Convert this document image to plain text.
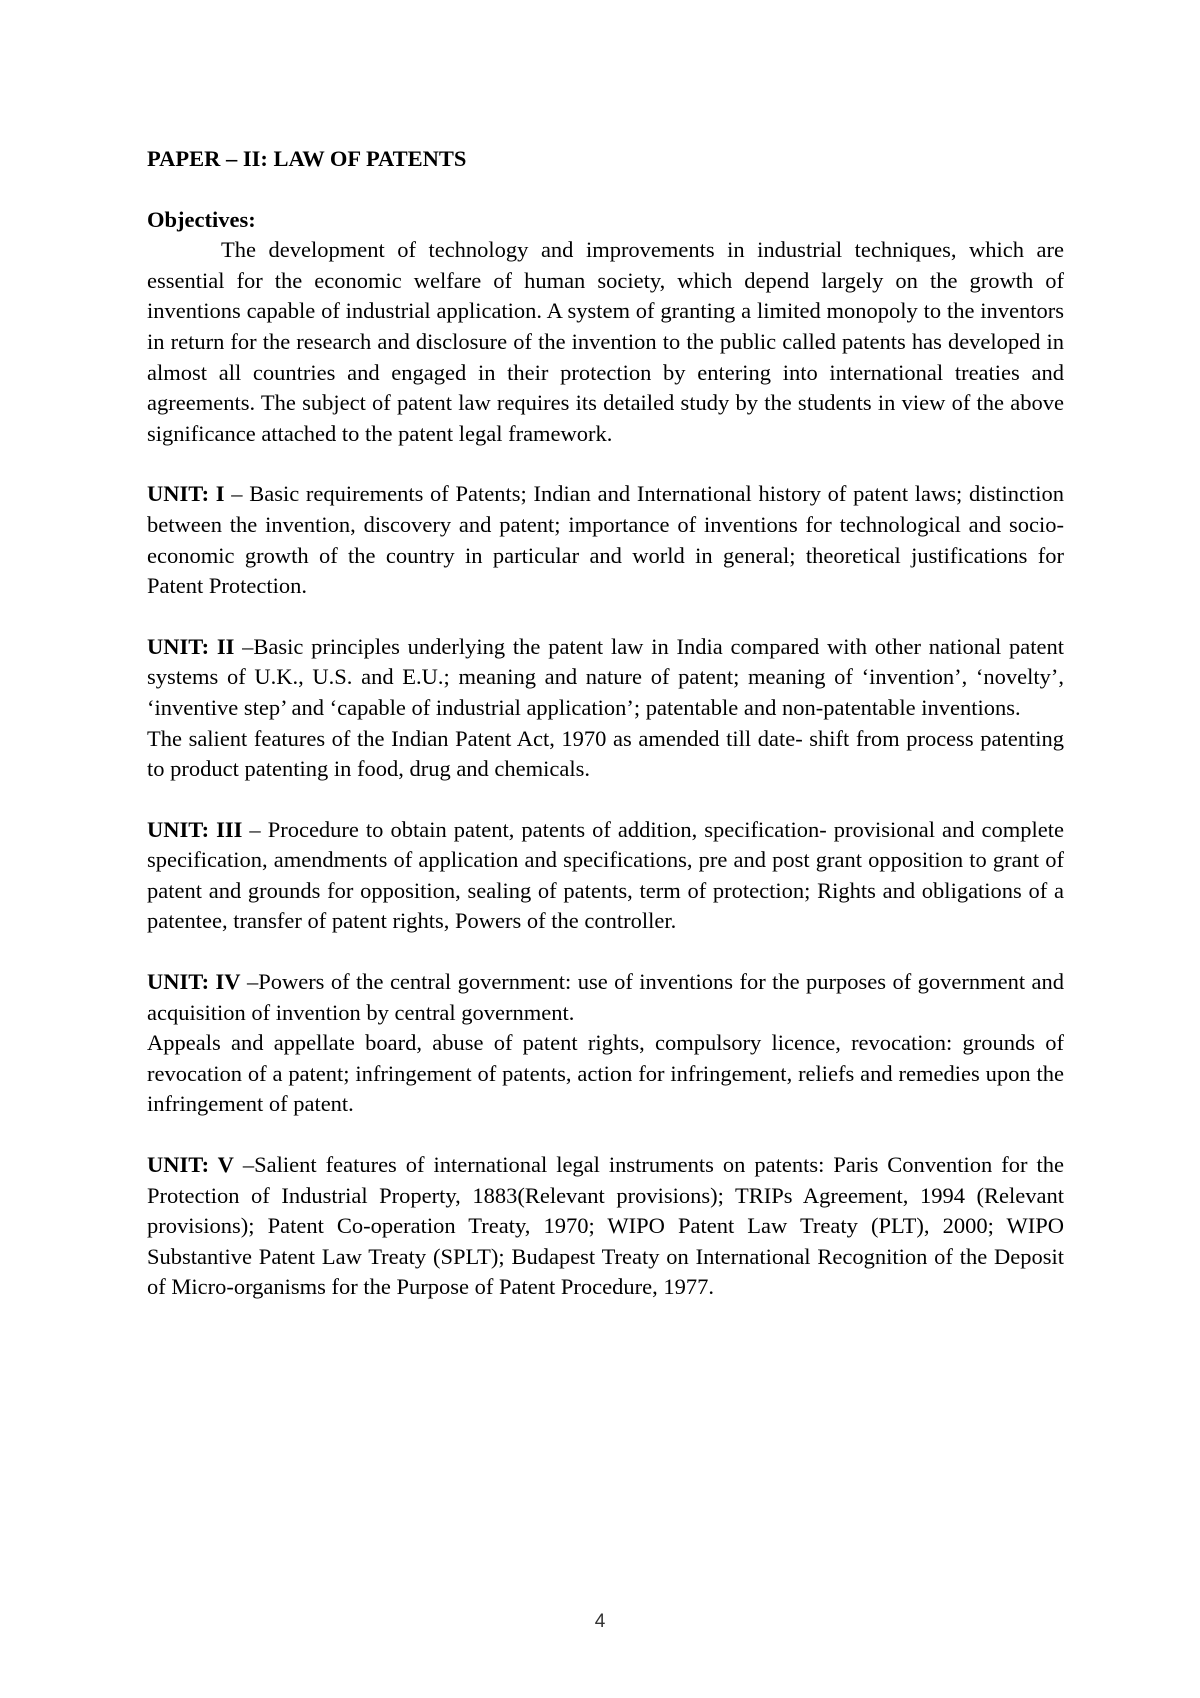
PAPER – II: LAW OF PATENTS

Objectives:

The development of technology and improvements in industrial techniques, which are essential for the economic welfare of human society, which depend largely on the growth of inventions capable of industrial application. A system of granting a limited monopoly to the inventors in return for the research and disclosure of the invention to the public called patents has developed in almost all countries and engaged in their protection by entering into international treaties and agreements. The subject of patent law requires its detailed study by the students in view of the above significance attached to the patent legal framework.

UNIT: I – Basic requirements of Patents; Indian and International history of patent laws; distinction between the invention, discovery and patent; importance of inventions for technological and socio-economic growth of the country in particular and world in general; theoretical justifications for Patent Protection.

UNIT: II –Basic principles underlying the patent law in India compared with other national patent systems of U.K., U.S. and E.U.; meaning and nature of patent; meaning of ‘invention’, ‘novelty’, ‘inventive step’ and ‘capable of industrial application’; patentable and non-patentable inventions.

The salient features of the Indian Patent Act, 1970 as amended till date- shift from process patenting to product patenting in food, drug and chemicals.

UNIT: III – Procedure to obtain patent, patents of addition, specification- provisional and complete specification, amendments of application and specifications, pre and post grant opposition to grant of patent and grounds for opposition, sealing of patents, term of protection; Rights and obligations of a patentee, transfer of patent rights, Powers of the controller.

UNIT: IV –Powers of the central government: use of inventions for the purposes of government and acquisition of invention by central government.

Appeals and appellate board, abuse of patent rights, compulsory licence, revocation: grounds of revocation of a patent; infringement of patents, action for infringement, reliefs and remedies upon the infringement of patent.

UNIT: V –Salient features of international legal instruments on patents: Paris Convention for the Protection of Industrial Property, 1883(Relevant provisions); TRIPs Agreement, 1994 (Relevant provisions); Patent Co-operation Treaty, 1970; WIPO Patent Law Treaty (PLT), 2000; WIPO Substantive Patent Law Treaty (SPLT); Budapest Treaty on International Recognition of the Deposit of Micro-organisms for the Purpose of Patent Procedure, 1977.

4
